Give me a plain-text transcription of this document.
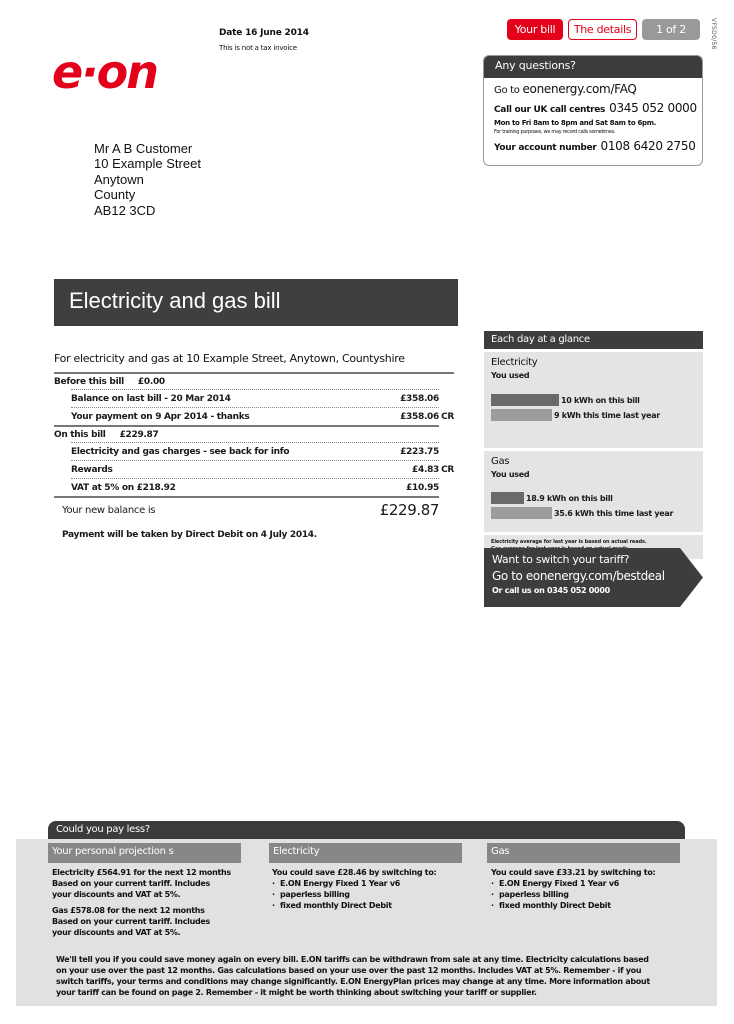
e·on
Date 16 June 2014
This is not a tax invoice
Your bill	The details	1 of 2	VFSD0/56
Any questions?
Go to eonenergy.com/FAQ
Call our UK call centres 0345 052 0000
Mon to Fri 8am to 8pm and Sat 8am to 6pm.
For training purposes, we may record calls sometimes.
Your account number 0108 6420 2750
Mr A B Customer
10 Example Street
Anytown
County
AB12 3CD
Electricity and gas bill
For electricity and gas at 10 Example Street, Anytown, Countyshire
Before this bill £0.00
Balance on last bill - 20 Mar 2014	£358.06
Your payment on 9 Apr 2014 - thanks	£358.06 CR
On this bill £229.87
Electricity and gas charges - see back for info	£223.75
Rewards	£4.83 CR
VAT at 5% on £218.92	£10.95
Your new balance is	£229.87
Payment will be taken by Direct Debit on 4 July 2014.
Each day at a glance
Electricity
You used
10 kWh on this bill
9 kWh this time last year
Gas
You used
18.9 kWh on this bill
35.6 kWh this time last year
Electricity average for last year is based on actual reads.
Want to switch your tariff?
Go to eonenergy.com/bestdeal
Or call us on 0345 052 0000
Could you pay less?
Your personal projection s

Electricity £564.91 for the next 12 months
Based on your current tariff. Includes
your discounts and VAT at 5%.

Gas £578.08 for the next 12 months
Based on your current tariff. Includes
your discounts and VAT at 5%.

Electricity
You could save £28.46 by switching to:
· E.ON Energy Fixed 1 Year v6
· paperless billing
· fixed monthly Direct Debit
Gas
You could save £33.21 by switching to:
· E.ON Energy Fixed 1 Year v6
· paperless billing
· fixed monthly Direct Debit
We'll tell you if you could save money again on every bill. E.ON tariffs can be withdrawn from sale at any time. Electricity calculations based
on your use over the past 12 months. Gas calculations based on your use over the past 12 months. Includes VAT at 5%. Remember - if you
switch tariffs, your terms and conditions may change significantly. E.ON EnergyPlan prices may change at any time. More information about
your tariff can be found on page 2. Remember - it might be worth thinking about switching your tariff or supplier.
